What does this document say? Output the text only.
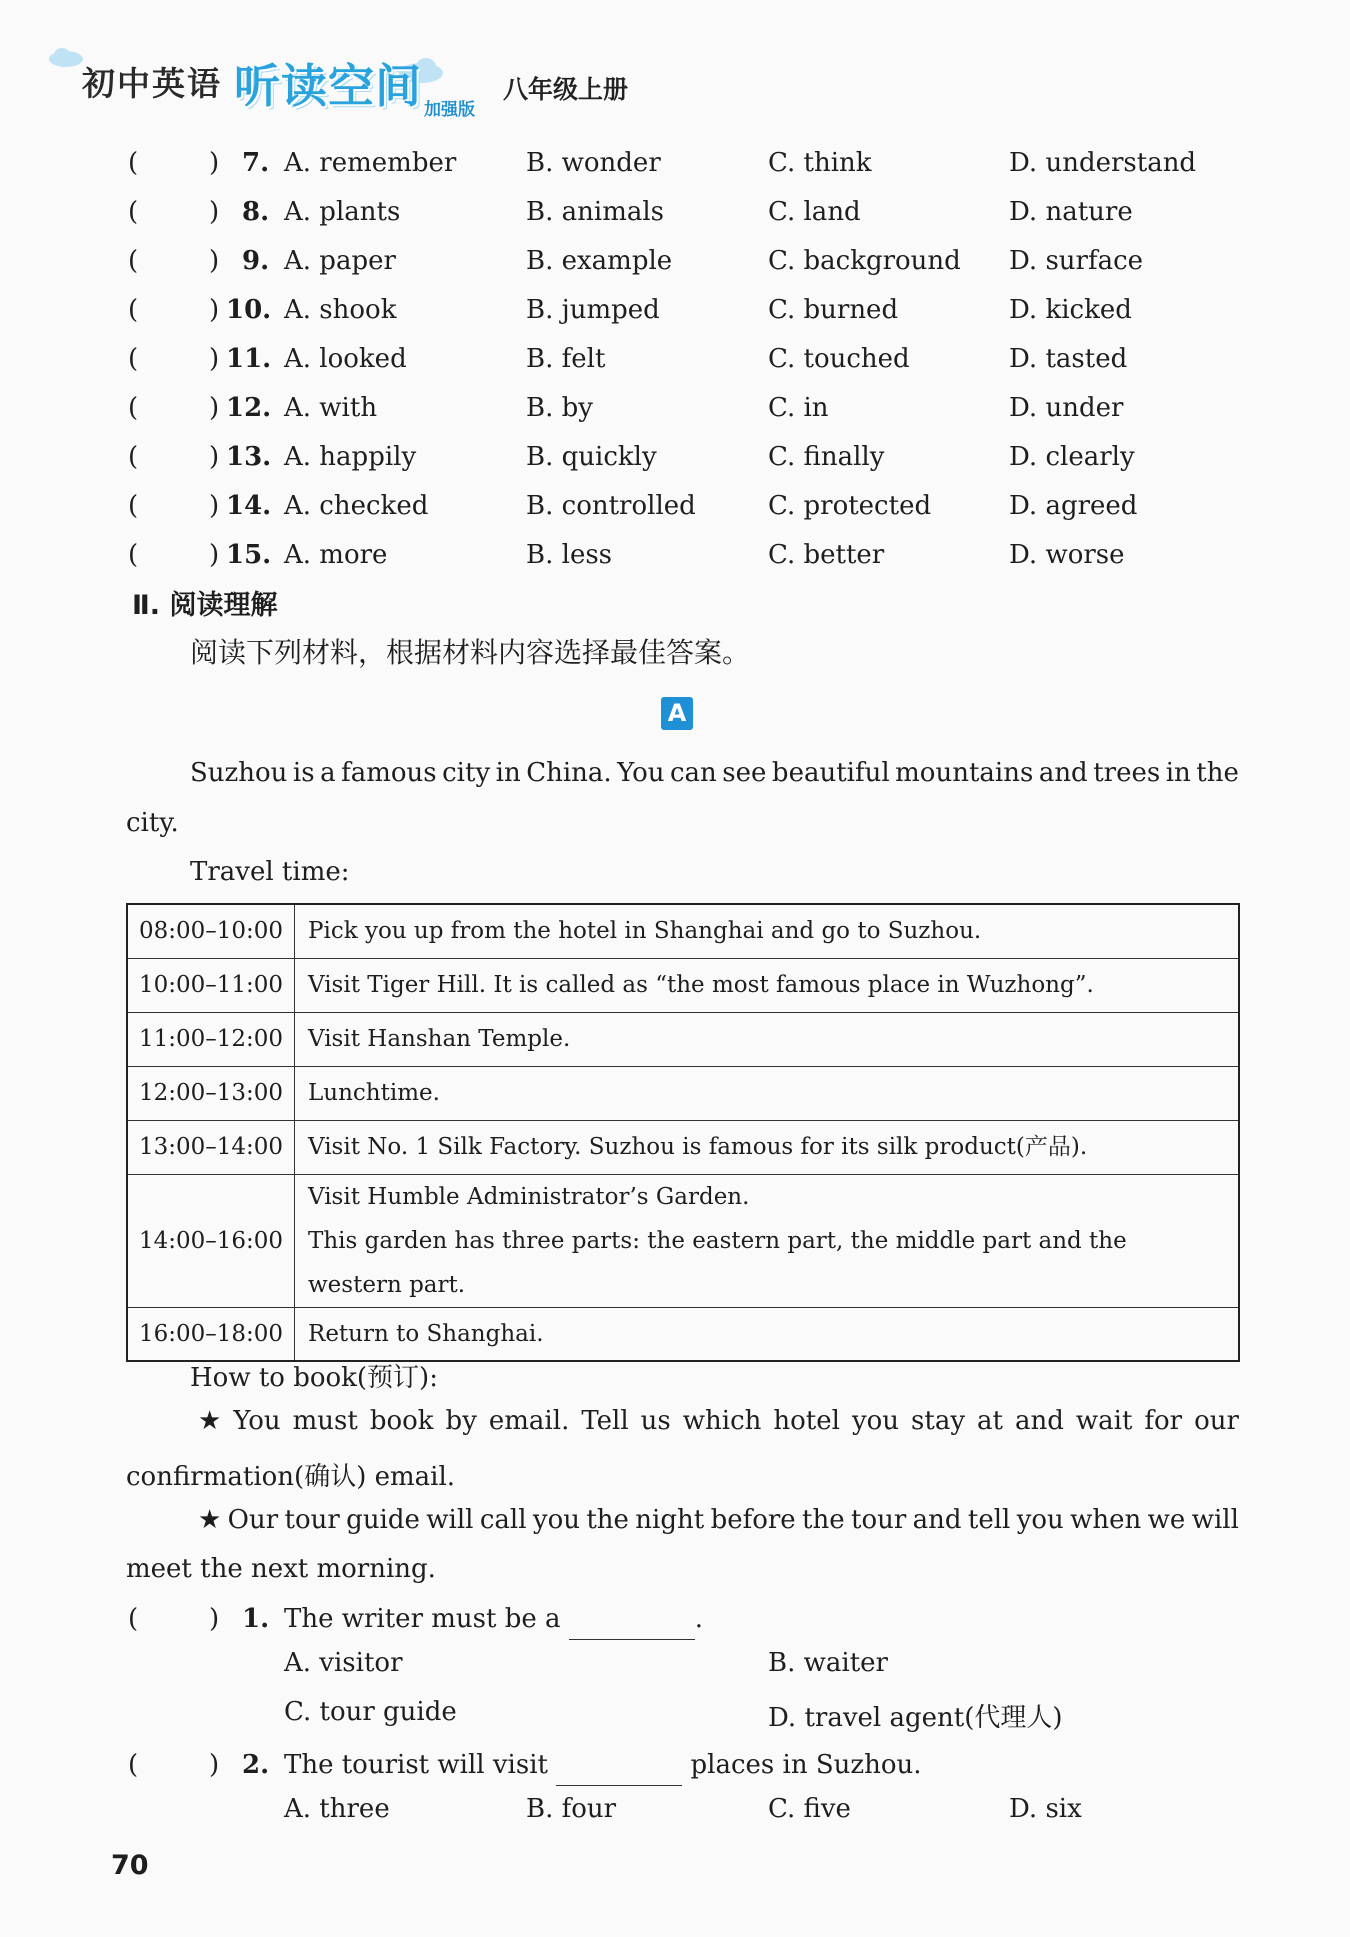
初中英语 听读空间 加强版
八年级上册
(	) 7. A. remember	B. wonder	C. think	D. understand
(	) 8. A. plants	B. animals	C. land	D. nature
(	) 9. A. paper	B. example	C. background D. surface
(	) 10. A. shook	B. jumped	C. burned	D. kicked
(	) 11. A. looked	B. felt	C. touched	D. tasted
(	) 12. A. with	B. by	C. in	D. under
(	) 13. A. happily	B. quickly	C. finally	D. clearly
(	) 14. A. checked	B. controlled	C. protected	D. agreed
(	) 15. A. more	B. less	C. better	D. worse
Ⅱ. 阅读理解
阅读下列材料，根据材料内容选择最佳答案。
A
Suzhou is a famous city in China. You can see beautiful mountains and trees in the
city.
Travel time:
08:00–10:00	Pick you up from the hotel in Shanghai and go to Suzhou.

10:00–11:00	Visit Tiger Hill. It is called as “the most famous place in Wuzhong”.

11:00–12:00	Visit Hanshan Temple.

12:00–13:00	Lunchtime.

13:00–14:00	Visit No. 1 Silk Factory. Suzhou is famous for its silk product(产品).

14:00–16:00	Visit Humble Administrator’s Garden.
This garden has three parts: the eastern part, the middle part and the western part.

16:00–18:00	Return to Shanghai.
How to book(预订):
★ You must book by email. Tell us which hotel you stay at and wait for our
confirmation(确认) email.
★ Our tour guide will call you the night before the tour and tell you when we will
meet the next morning.
(	) 1. The writer must be a	.
A. visitor	B. waiter
C. tour guide	D. travel agent(代理人)
(	) 2. The tourist will visit	places in Suzhou.
A. three	B. four	C. five	D. six
70
